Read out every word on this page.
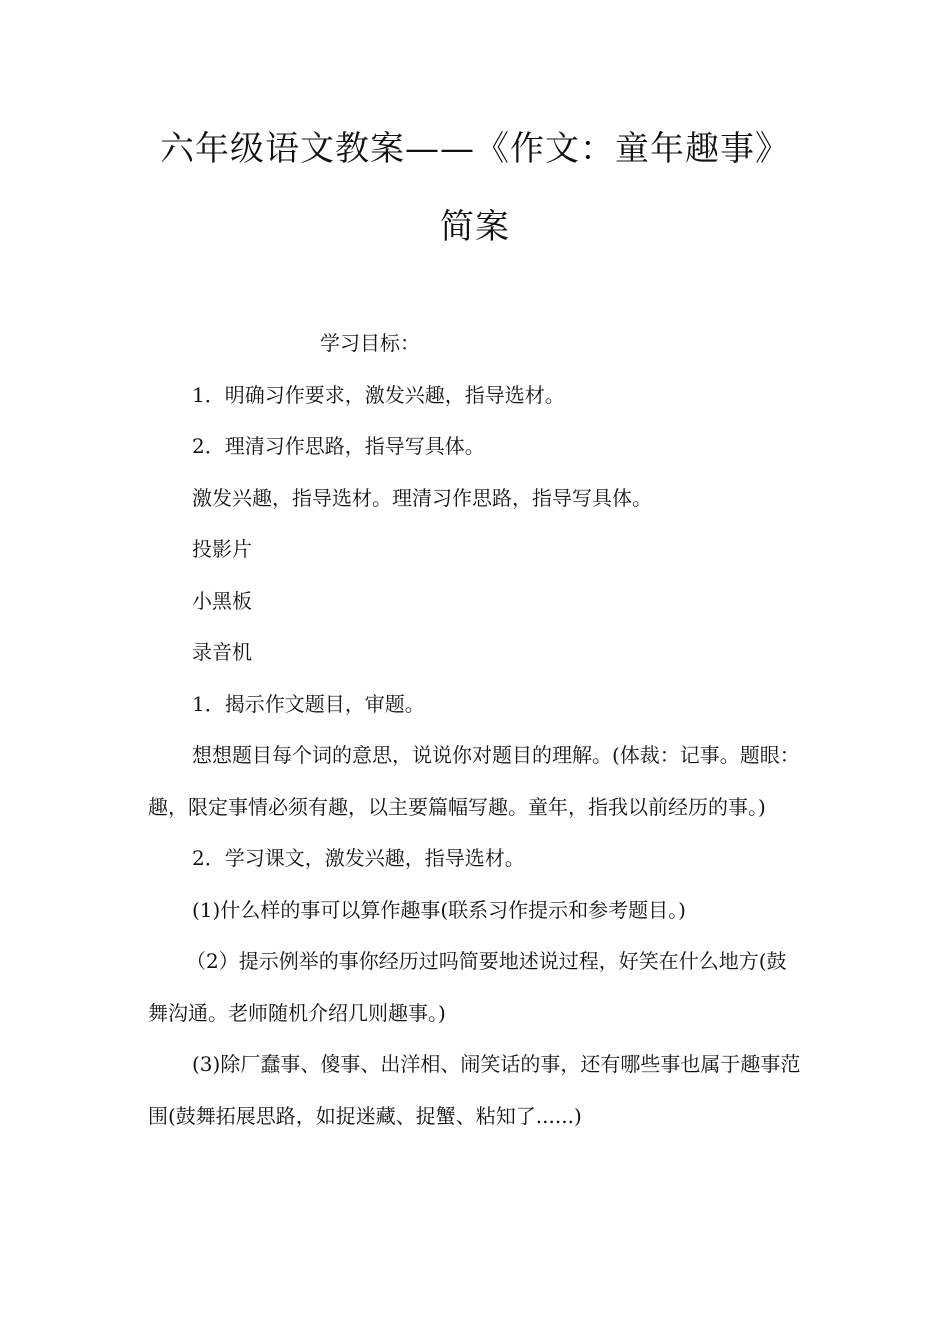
六年级语文教案——《作文：童年趣事》简案

学习目标：

1．明确习作要求，激发兴趣，指导选材。

2．理清习作思路，指导写具体。

激发兴趣，指导选材。理清习作思路，指导写具体。

投影片

小黑板

录音机

1．揭示作文题目，审题。

想想题目每个词的意思，说说你对题目的理解。(体裁：记事。题眼：趣，限定事情必须有趣，以主要篇幅写趣。童年，指我以前经历的事。)

2．学习课文，激发兴趣，指导选材。

(1)什么样的事可以算作趣事(联系习作提示和参考题目。)

（2）提示例举的事你经历过吗简要地述说过程，好笑在什么地方(鼓舞沟通。老师随机介绍几则趣事。)

(3)除厂蠢事、傻事、出洋相、闹笑话的事，还有哪些事也属于趣事范围(鼓舞拓展思路，如捉迷藏、捉蟹、粘知了......)
